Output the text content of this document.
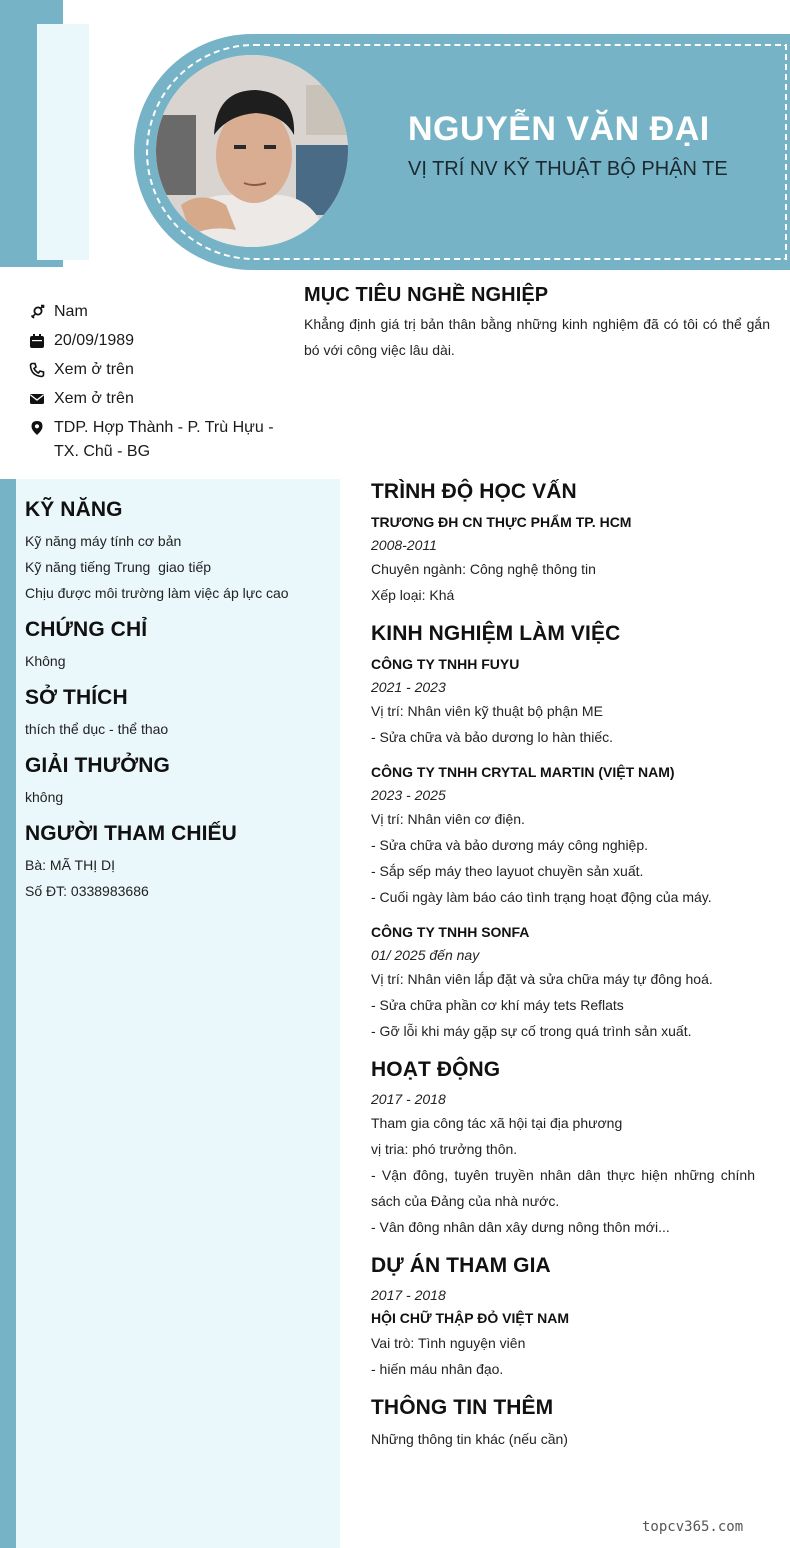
NGUYỄN VĂN ĐẠI
VỊ TRÍ NV KỸ THUẬT BỘ PHẬN TE
Nam
20/09/1989
Xem ở trên
Xem ở trên
TDP. Hợp Thành - P. Trù Hựu - TX. Chũ - BG
MỤC TIÊU NGHỀ NGHIỆP
Khẳng định giá trị bản thân bằng những kinh nghiệm đã có tôi có thể gắn bó với công việc lâu dài.
KỸ NĂNG
Kỹ năng máy tính cơ bản
Kỹ năng tiếng Trung  giao tiếp
Chịu được môi trường làm việc áp lực cao
CHỨNG CHỈ
Không
SỞ THÍCH
thích thể dục - thể thao
GIẢI THƯỞNG
không
NGƯỜI THAM CHIẾU
Bà: MÃ THỊ DỊ
Số ĐT: 0338983686
TRÌNH ĐỘ HỌC VẤN
TRƯƠNG ĐH CN THỰC PHẨM TP. HCM
2008-2011
Chuyên ngành: Công nghệ thông tin
Xếp loại: Khá
KINH NGHIỆM LÀM VIỆC
CÔNG TY TNHH FUYU
2021 - 2023
Vị trí: Nhân viên kỹ thuật bộ phận ME
- Sửa chữa và bảo dương lo hàn thiếc.
CÔNG TY TNHH CRYTAL MARTIN (VIỆT NAM)
2023 - 2025
Vị trí: Nhân viên cơ điện.
- Sửa chữa và bảo dương máy công nghiệp.
- Sắp sếp máy theo layuot chuyền sản xuất.
- Cuối ngày làm báo cáo tình trạng hoạt động của máy.
CÔNG TY TNHH SONFA
01/ 2025 đến nay
Vị trí: Nhân viên lắp đặt và sửa chữa máy tự đông hoá.
- Sửa chữa phần cơ khí máy tets Reflats
- Gỡ lỗi khi máy gặp sự cố trong quá trình sản xuất.
HOẠT ĐỘNG
2017 - 2018
Tham gia công tác xã hội tại địa phương
vị tria: phó trưởng thôn.
- Vận đông, tuyên truyền nhân dân thực hiện những chính sách của Đảng của nhà nước.
- Vân đông nhân dân xây dưng nông thôn mới...
DỰ ÁN THAM GIA
2017 - 2018
HỘI CHỮ THẬP ĐỎ VIỆT NAM
Vai trò: Tình nguyện viên
- hiến máu nhân đạo.
THÔNG TIN THÊM
Những thông tin khác (nếu cần)
topcv365.com
